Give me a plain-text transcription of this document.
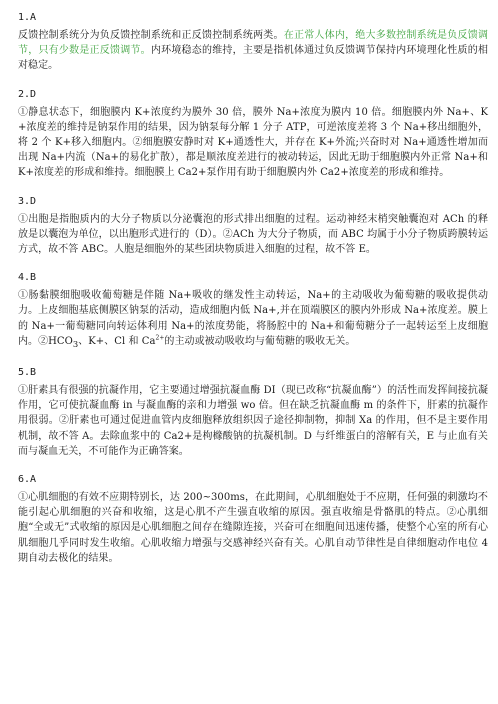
1.A
反馈控制系统分为负反馈控制系统和正反馈控制系统两类。在正常人体内，绝大多数控制系统是负反馈调节，只有少数是正反馈调节。内环境稳态的维持，主要是指机体通过负反馈调节保持内环境理化性质的相对稳定。
2.D
①静息状态下，细胞膜内 K+浓度约为膜外 30 倍，膜外 Na+浓度为膜内 10 倍。细胞膜内外 Na+、K+浓度差的维持是钠泵作用的结果，因为钠泵每分解 1 分子 ATP，可逆浓度差将 3 个 Na+移出细胞外，将 2 个 K+移入细胞内。②细胞膜安静时对 K+通透性大，并存在 K+外流;兴奋时对 Na+通透性增加而出现 Na+内流（Na+的易化扩散），都是顺浓度差进行的被动转运，因此无助于细胞膜内外正常 Na+和 K+浓度差的形成和维持。细胞膜上 Ca2+泵作用有助于细胞膜内外 Ca2+浓度差的形成和维持。
3.D
①出胞是指胞质内的大分子物质以分泌囊泡的形式排出细胞的过程。运动神经末梢突触囊泡对 ACh 的释放是以囊泡为单位，以出胞形式进行的（D）。②ACh 为大分子物质，而 ABC 均属于小分子物质跨膜转运方式，故不答 ABC。人胞是细胞外的某些团块物质进入细胞的过程，故不答 E。
4.B
①肠黏膜细胞吸收葡萄糖是伴随 Na+吸收的继发性主动转运，Na+的主动吸收为葡萄糖的吸收提供动力。上皮细胞基底侧膜区钠泵的活动，造成细胞内低 Na+,并在顶端膜区的膜内外形成 Na+浓度差。膜上的 Na+一葡萄糖同向转运体利用 Na+的浓度势能，将肠腔中的 Na+和葡萄糖分子一起转运至上皮细胞内。$②HCO_3$、K+、Cl 和 $Ca^{2+}$的主动或被动吸收均与葡萄糖的吸收无关。
5.B
①肝素具有很强的抗凝作用，它主要通过增强抗凝血酶 DI（现已改称“抗凝血酶”）的活性而发挥间接抗凝作用，它可使抗凝血酶 in 与凝血酶的亲和力增强 wo 倍。但在缺乏抗凝血酶 m 的条件下，肝素的抗凝作用很弱。②肝素也可通过促进血管内皮细胞释放组织因子途径抑制物，抑制 Xa 的作用，但不是主要作用机制，故不答 A。去除血浆中的 Ca2+是枸橼酸钠的抗凝机制。D 与纤维蛋白的溶解有关，E 与止血有关而与凝血无关，不可能作为正确答案。
6.A
①心肌细胞的有效不应期特别长，达 200~300ms，在此期间，心肌细胞处于不应期，任何强的刺激均不能引起心肌细胞的兴奋和收缩，这是心肌不产生强直收缩的原因。强直收缩是骨骼肌的特点。②心肌细胞“全或无”式收缩的原因是心肌细胞之间存在缝隙连接，兴奋可在细胞间迅速传播，使整个心室的所有心肌细胞几乎同时发生收缩。心肌收缩力增强与交感神经兴奋有关。心肌自动节律性是自律细胞动作电位 4 期自动去极化的结果。
